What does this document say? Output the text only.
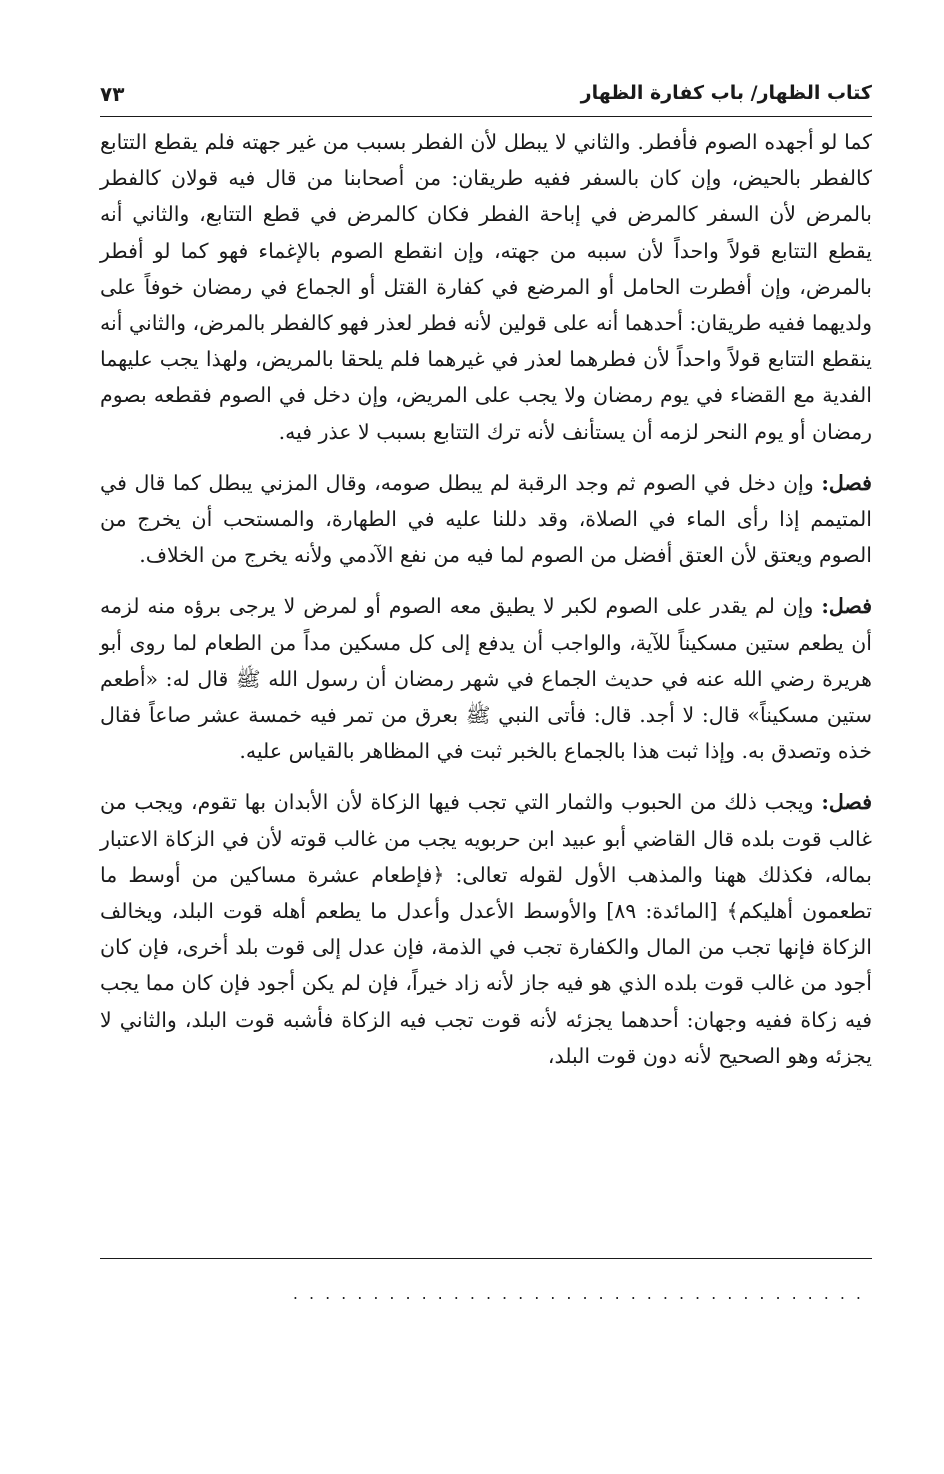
كتاب الظهار/ باب كفارة الظهار
٧٣

كما لو أجهده الصوم فأفطر. والثاني لا يبطل لأن الفطر بسبب من غير جهته فلم يقطع التتابع كالفطر بالحيض، وإن كان بالسفر ففيه طريقان: من أصحابنا من قال فيه قولان كالفطر بالمرض لأن السفر كالمرض في إباحة الفطر فكان كالمرض في قطع التتابع، والثاني أنه يقطع التتابع قولاً واحداً لأن سببه من جهته، وإن انقطع الصوم بالإغماء فهو كما لو أفطر بالمرض، وإن أفطرت الحامل أو المرضع في كفارة القتل أو الجماع في رمضان خوفاً على ولديهما ففيه طريقان: أحدهما أنه على قولين لأنه فطر لعذر فهو كالفطر بالمرض، والثاني أنه ينقطع التتابع قولاً واحداً لأن فطرهما لعذر في غيرهما فلم يلحقا بالمريض، ولهذا يجب عليهما الفدية مع القضاء في يوم رمضان ولا يجب على المريض، وإن دخل في الصوم فقطعه بصوم رمضان أو يوم النحر لزمه أن يستأنف لأنه ترك التتابع بسبب لا عذر فيه.

فصل: وإن دخل في الصوم ثم وجد الرقبة لم يبطل صومه، وقال المزني يبطل كما قال في المتيمم إذا رأى الماء في الصلاة، وقد دللنا عليه في الطهارة، والمستحب أن يخرج من الصوم ويعتق لأن العتق أفضل من الصوم لما فيه من نفع الآدمي ولأنه يخرج من الخلاف.

فصل: وإن لم يقدر على الصوم لكبر لا يطيق معه الصوم أو لمرض لا يرجى برؤه منه لزمه أن يطعم ستين مسكيناً للآية، والواجب أن يدفع إلى كل مسكين مداً من الطعام لما روى أبو هريرة رضي الله عنه في حديث الجماع في شهر رمضان أن رسول الله ﷺ قال له: «أطعم ستين مسكيناً» قال: لا أجد. قال: فأتى النبي ﷺ بعرق من تمر فيه خمسة عشر صاعاً فقال خذه وتصدق به. وإذا ثبت هذا بالجماع بالخبر ثبت في المظاهر بالقياس عليه.

فصل: ويجب ذلك من الحبوب والثمار التي تجب فيها الزكاة لأن الأبدان بها تقوم، ويجب من غالب قوت بلده قال القاضي أبو عبيد ابن حربويه يجب من غالب قوته لأن في الزكاة الاعتبار بماله، فكذلك ههنا والمذهب الأول لقوله تعالى: ﴿فإطعام عشرة مساكين من أوسط ما تطعمون أهليكم﴾ [المائدة: ٨٩] والأوسط الأعدل وأعدل ما يطعم أهله قوت البلد، ويخالف الزكاة فإنها تجب من المال والكفارة تجب في الذمة، فإن عدل إلى قوت بلد أخرى، فإن كان أجود من غالب قوت بلده الذي هو فيه جاز لأنه زاد خيراً، فإن لم يكن أجود فإن كان مما يجب فيه زكاة ففيه وجهان: أحدهما يجزئه لأنه قوت تجب فيه الزكاة فأشبه قوت البلد، والثاني لا يجزئه وهو الصحيح لأنه دون قوت البلد،

....................................
